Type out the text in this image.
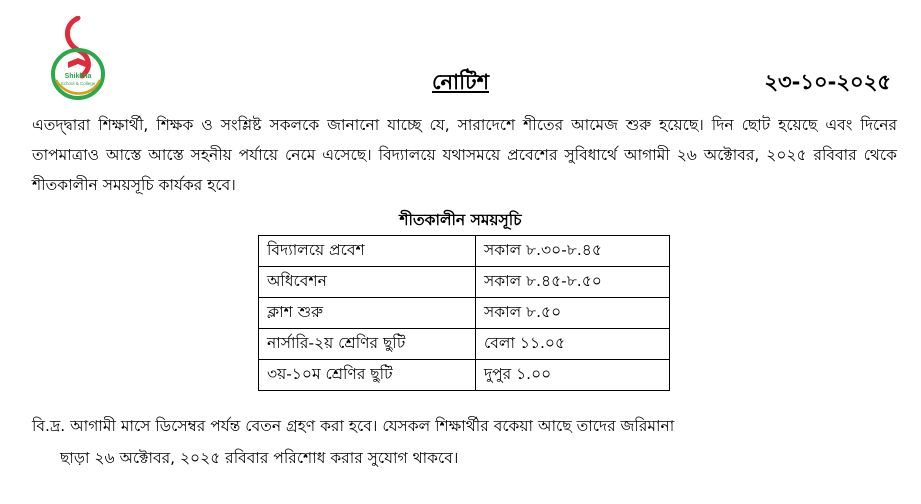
Shikkha
School & College	নোটিশ	২৩-১০-২০২৫
এতদ্দ্বারা শিক্ষার্থী, শিক্ষক ও সংশ্লিষ্ট সকলকে জানানো যাচ্ছে যে, সারাদেশে শীতের আমেজ শুরু হয়েছে। দিন ছোট হয়েছে এবং দিনের তাপমাত্রাও আস্তে আস্তে সহনীয় পর্যায়ে নেমে এসেছে। বিদ্যালয়ে যথাসময়ে প্রবেশের সুবিধার্থে আগামী ২৬ অক্টোবর, ২০২৫ রবিবার থেকে শীতকালীন সময়সূচি কার্যকর হবে।
শীতকালীন সময়সূচি
বিদ্যালয়ে প্রবেশ	সকাল ৮.৩০-৮.৪৫
অধিবেশন	সকাল ৮.৪৫-৮.৫০
ক্লাশ শুরু	সকাল ৮.৫০
নার্সারি-২য় শ্রেণির ছুটি	বেলা ১১.০৫
৩য়-১০ম শ্রেণির ছুটি	দুপুর ১.০০
বি.দ্র. আগামী মাসে ডিসেম্বর পর্যন্ত বেতন গ্রহণ করা হবে। যেসকল শিক্ষার্থীর বকেয়া আছে তাদের জরিমানা
ছাড়া ২৬ অক্টোবর, ২০২৫ রবিবার পরিশোধ করার সুযোগ থাকবে।
